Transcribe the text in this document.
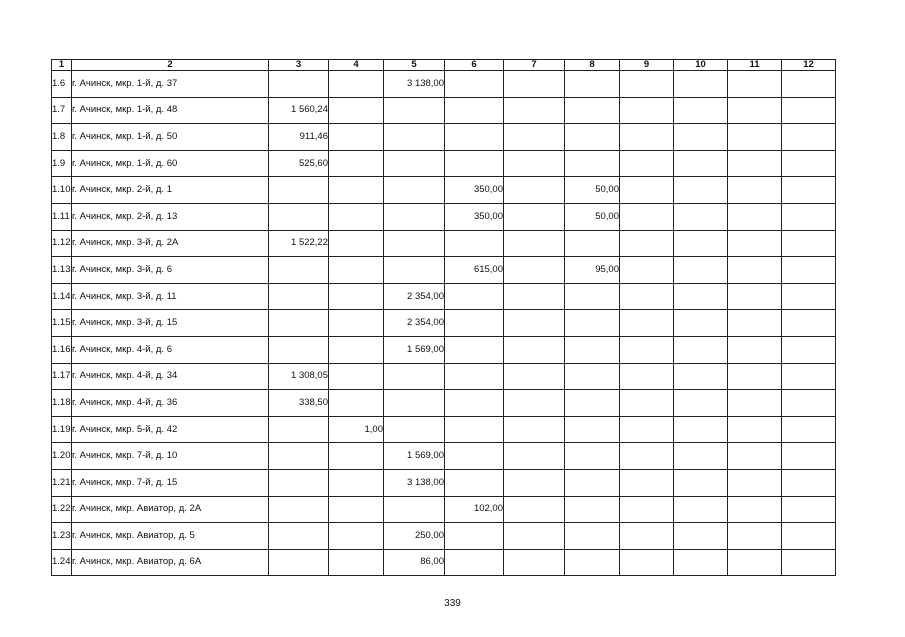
1	2	3	4	5	6	7	8	9	10	11	12
1.6	г. Ачинск, мкр. 1-й, д. 37			3 138,00							
1.7	г. Ачинск, мкр. 1-й, д. 48	1 560,24									
1.8	г. Ачинск, мкр. 1-й, д. 50	911,46									
1.9	г. Ачинск, мкр. 1-й, д. 60	525,60									
1.10	г. Ачинск, мкр. 2-й, д. 1				350,00		50,00				
1.11	г. Ачинск, мкр. 2-й, д. 13				350,00		50,00				
1.12	г. Ачинск, мкр. 3-й, д. 2А	1 522,22									
1.13	г. Ачинск, мкр. 3-й, д. 6				615,00		95,00				
1.14	г. Ачинск, мкр. 3-й, д. 11			2 354,00							
1.15	г. Ачинск, мкр. 3-й, д. 15			2 354,00							
1.16	г. Ачинск, мкр. 4-й, д. 6			1 569,00							
1.17	г. Ачинск, мкр. 4-й, д. 34	1 308,05									
1.18	г. Ачинск, мкр. 4-й, д. 36	338,50									
1.19	г. Ачинск, мкр. 5-й, д. 42		1,00								
1.20	г. Ачинск, мкр. 7-й, д. 10			1 569,00							
1.21	г. Ачинск, мкр. 7-й, д. 15			3 138,00							
1.22	г. Ачинск, мкр. Авиатор, д. 2А				102,00						
1.23	г. Ачинск, мкр. Авиатор, д. 5			250,00							
1.24	г. Ачинск, мкр. Авиатор, д. 6А			86,00							
339
